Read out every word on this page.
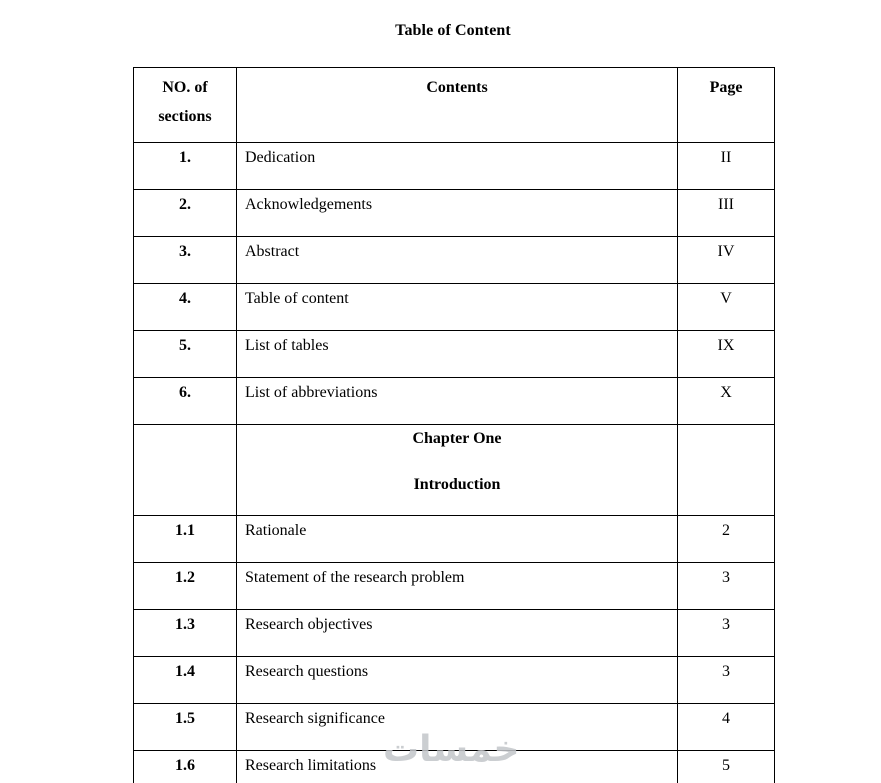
Table of Content
NO. of sections	Contents	Page
1.	Dedication	II
2.	Acknowledgements	III
3.	Abstract	IV
4.	Table of content	V
5.	List of tables	IX
6.	List of abbreviations	X

	Chapter One
Introduction	

1.1	Rationale	2
1.2	Statement of the research problem	3
1.3	Research objectives	3
1.4	Research questions	3
1.5	Research significance	4
1.6	Research limitations	5
خمسات
